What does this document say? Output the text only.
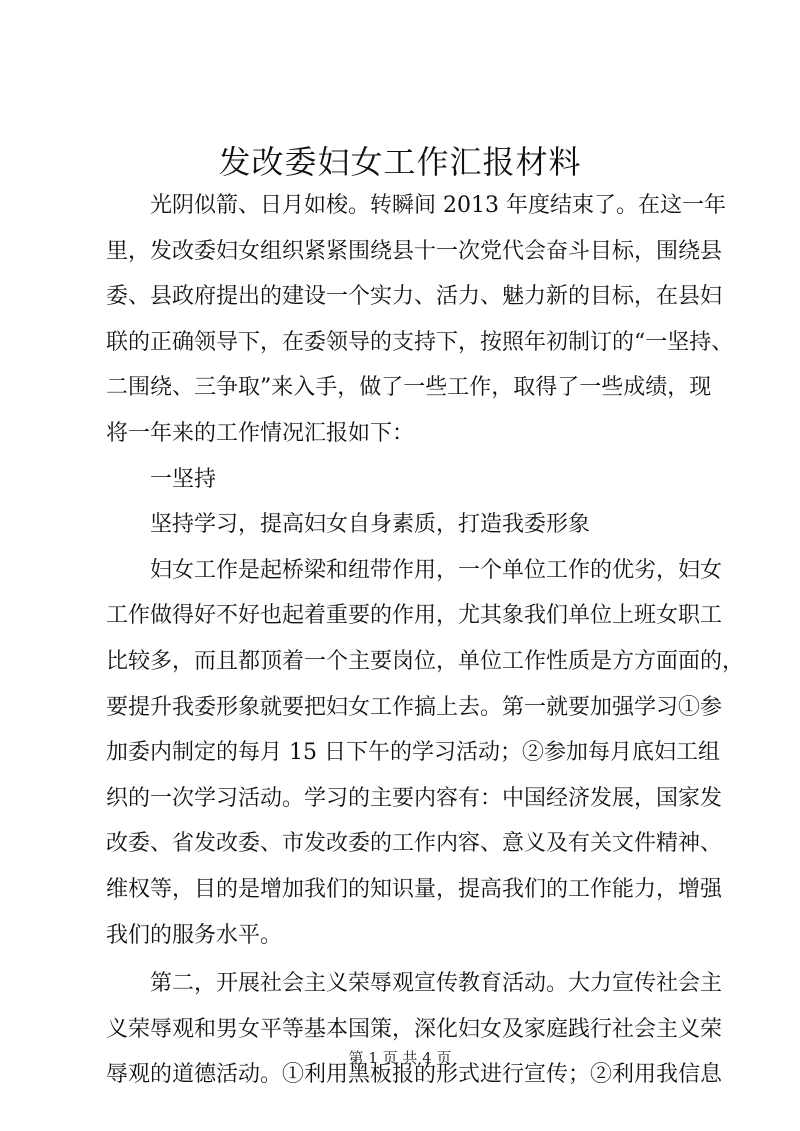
发改委妇女工作汇报材料
光阴似箭、日月如梭。转瞬间 2013 年度结束了。在这一年
里，发改委妇女组织紧紧围绕县十一次党代会奋斗目标，围绕县
委、县政府提出的建设一个实力、活力、魅力新的目标，在县妇
联的正确领导下，在委领导的支持下，按照年初制订的“一坚持、
二围绕、三争取”来入手，做了一些工作，取得了一些成绩，现
将一年来的工作情况汇报如下：
一坚持
坚持学习，提高妇女自身素质，打造我委形象
妇女工作是起桥梁和纽带作用，一个单位工作的优劣，妇女
工作做得好不好也起着重要的作用，尤其象我们单位上班女职工
比较多，而且都顶着一个主要岗位，单位工作性质是方方面面的，
要提升我委形象就要把妇女工作搞上去。第一就要加强学习①参
加委内制定的每月 15 日下午的学习活动；②参加每月底妇工组
织的一次学习活动。学习的主要内容有：中国经济发展，国家发
改委、省发改委、市发改委的工作内容、意义及有关文件精神、
维权等，目的是增加我们的知识量，提高我们的工作能力，增强
我们的服务水平。
第二，开展社会主义荣辱观宣传教育活动。大力宣传社会主
义荣辱观和男女平等基本国策，深化妇女及家庭践行社会主义荣
辱观的道德活动。①利用黑板报的形式进行宣传；②利用我信息
第 1 页 共 4 页
